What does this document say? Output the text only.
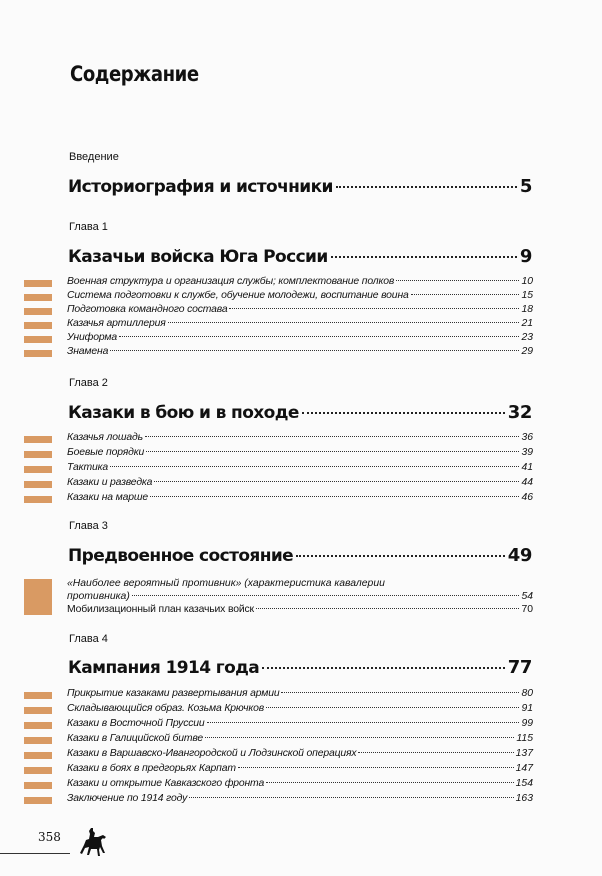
Содержание
Введение
Историография и источники	5
Глава 1
Казачьи войска Юга России	9
Военная структура и организация службы; комплектование полков	10
Система подготовки к службе, обучение молодежи, воспитание воина	15
Подготовка командного состава	18
Казачья артиллерия	21
Униформа	23
Знамена	29
Глава 2
Казаки в бою и в походе	32
Казачья лошадь	36
Боевые порядки	39
Тактика	41
Казаки и разведка	44
Казаки на марше	46
Глава 3
Предвоенное состояние	49
«Наиболее вероятный противник» (характеристика кавалерии
противника)	54
Мобилизационный план казачьих войск	70
Глава 4
Кампания 1914 года	77
Прикрытие казаками развертывания армии	80
Складывающийся образ. Козьма Крючков	91
Казаки в Восточной Пруссии	99
Казаки в Галицийской битве	115
Казаки в Варшавско-Ивангородской и Лодзинской операциях	137
Казаки в боях в предгорьях Карпат	147
Казаки и открытие Кавказского фронта	154
Заключение по 1914 году	163
358
